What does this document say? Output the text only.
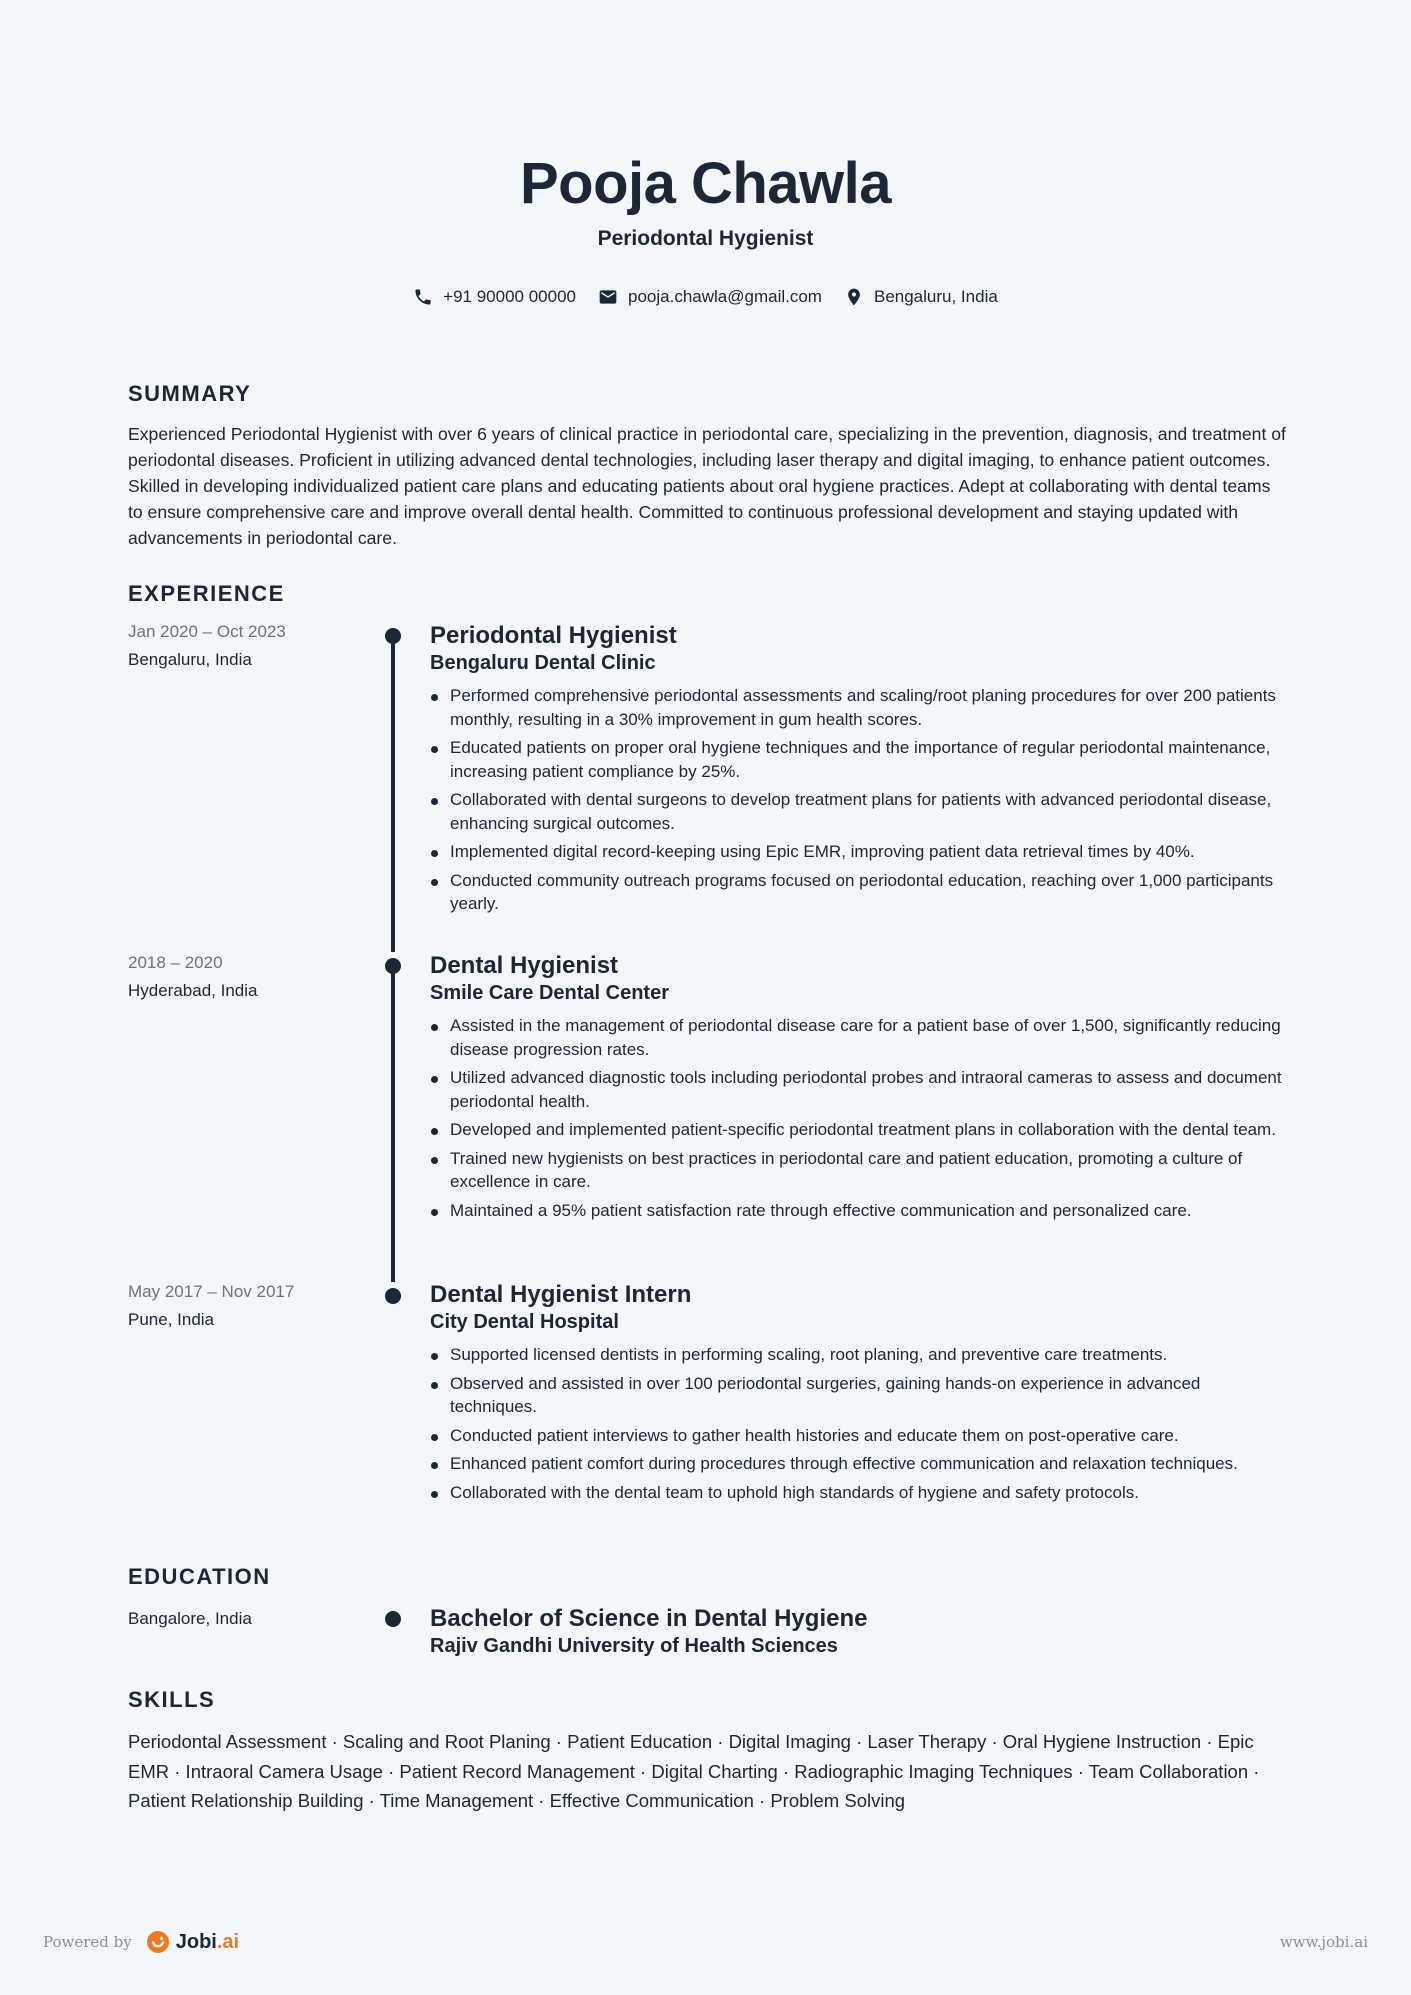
Pooja Chawla
Periodontal Hygienist
+91 90000 00000	pooja.chawla@gmail.com	Bengaluru, India
SUMMARY

Experienced Periodontal Hygienist with over 6 years of clinical practice in periodontal care, specializing in the prevention, diagnosis, and treatment of periodontal diseases. Proficient in utilizing advanced dental technologies, including laser therapy and digital imaging, to enhance patient outcomes. Skilled in developing individualized patient care plans and educating patients about oral hygiene practices. Adept at collaborating with dental teams to ensure comprehensive care and improve overall dental health. Committed to continuous professional development and staying updated with advancements in periodontal care.

EXPERIENCE
Jan 2020 – Oct 2023
Bengaluru, India
Periodontal Hygienist
Bengaluru Dental Clinic
Performed comprehensive periodontal assessments and scaling/root planing procedures for over 200 patients monthly, resulting in a 30% improvement in gum health scores.
Educated patients on proper oral hygiene techniques and the importance of regular periodontal maintenance, increasing patient compliance by 25%.
Collaborated with dental surgeons to develop treatment plans for patients with advanced periodontal disease, enhancing surgical outcomes.
Implemented digital record-keeping using Epic EMR, improving patient data retrieval times by 40%.
Conducted community outreach programs focused on periodontal education, reaching over 1,000 participants yearly.
2018 – 2020
Hyderabad, India
Dental Hygienist
Smile Care Dental Center
Assisted in the management of periodontal disease care for a patient base of over 1,500, significantly reducing disease progression rates.
Utilized advanced diagnostic tools including periodontal probes and intraoral cameras to assess and document periodontal health.
Developed and implemented patient-specific periodontal treatment plans in collaboration with the dental team.
Trained new hygienists on best practices in periodontal care and patient education, promoting a culture of excellence in care.
Maintained a 95% patient satisfaction rate through effective communication and personalized care.
May 2017 – Nov 2017
Pune, India
Dental Hygienist Intern
City Dental Hospital
Supported licensed dentists in performing scaling, root planing, and preventive care treatments.
Observed and assisted in over 100 periodontal surgeries, gaining hands-on experience in advanced techniques.
Conducted patient interviews to gather health histories and educate them on post-operative care.
Enhanced patient comfort during procedures through effective communication and relaxation techniques.
Collaborated with the dental team to uphold high standards of hygiene and safety protocols.
EDUCATION
Bangalore, India	Bachelor of Science in Dental Hygiene
Rajiv Gandhi University of Health Sciences
SKILLS

Periodontal Assessment · Scaling and Root Planing · Patient Education · Digital Imaging · Laser Therapy · Oral Hygiene Instruction · Epic EMR · Intraoral Camera Usage · Patient Record Management · Digital Charting · Radiographic Imaging Techniques · Team Collaboration · Patient Relationship Building · Time Management · Effective Communication · Problem Solving

Powered by Jobi .ai	www.jobi.ai
